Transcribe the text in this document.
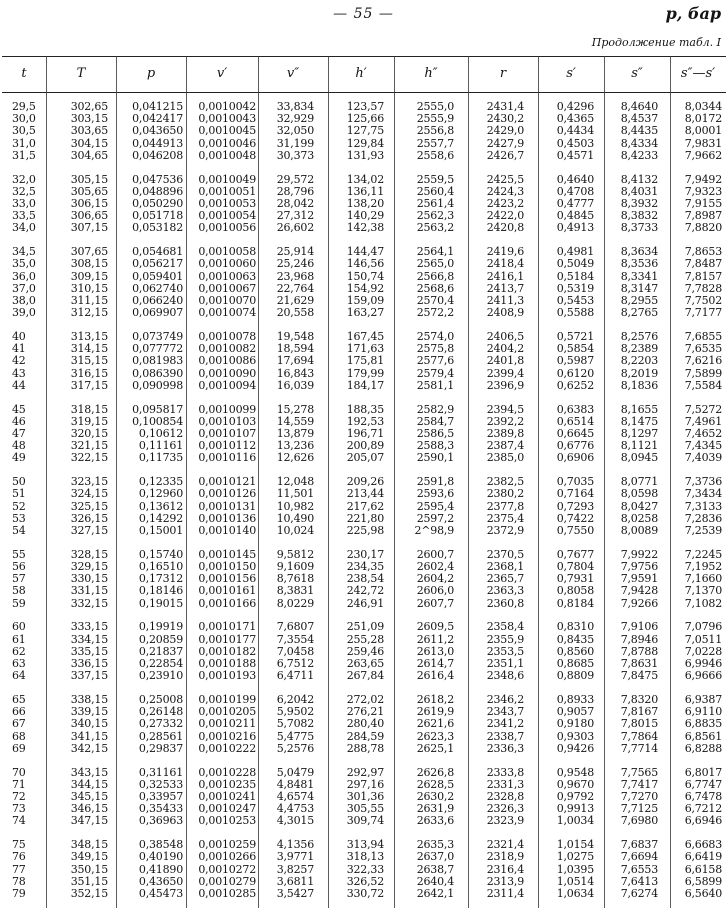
— 55 —	p, бар
Продолжение табл. I
t	T	p	v′	v″	h′	h″	r	s′	s″	s″—s′
29,5	302,65	0,041215	0,0010042	33,834	123,57	2555,0	2431,4	0,4296	8,4640	8,0344
30,0	303,15	0,042417	0,0010043	32,929	125,66	2555,9	2430,2	0,4365	8,4537	8,0172
30,5	303,65	0,043650	0,0010045	32,050	127,75	2556,8	2429,0	0,4434	8,4435	8,0001
31,0	304,15	0,044913	0,0010046	31,199	129,84	2557,7	2427,9	0,4503	8,4334	7,9831
31,5	304,65	0,046208	0,0010048	30,373	131,93	2558,6	2426,7	0,4571	8,4233	7,9662
32,0	305,15	0,047536	0,0010049	29,572	134,02	2559,5	2425,5	0,4640	8,4132	7,9492
32,5	305,65	0,048896	0,0010051	28,796	136,11	2560,4	2424,3	0,4708	8,4031	7,9323
33,0	306,15	0,050290	0,0010053	28,042	138,20	2561,4	2423,2	0,4777	8,3932	7,9155
33,5	306,65	0,051718	0,0010054	27,312	140,29	2562,3	2422,0	0,4845	8,3832	7,8987
34,0	307,15	0,053182	0,0010056	26,602	142,38	2563,2	2420,8	0,4913	8,3733	7,8820
34,5	307,65	0,054681	0,0010058	25,914	144,47	2564,1	2419,6	0,4981	8,3634	7,8653
35,0	308,15	0,056217	0,0010060	25,246	146,56	2565,0	2418,4	0,5049	8,3536	7,8487
36,0	309,15	0,059401	0,0010063	23,968	150,74	2566,8	2416,1	0,5184	8,3341	7,8157
37,0	310,15	0,062740	0,0010067	22,764	154,92	2568,6	2413,7	0,5319	8,3147	7,7828
38,0	311,15	0,066240	0,0010070	21,629	159,09	2570,4	2411,3	0,5453	8,2955	7,7502
39,0	312,15	0,069907	0,0010074	20,558	163,27	2572,2	2408,9	0,5588	8,2765	7,7177
40	313,15	0,073749	0,0010078	19,548	167,45	2574,0	2406,5	0,5721	8,2576	7,6855
41	314,15	0,077772	0,0010082	18,594	171,63	2575,8	2404,2	0,5854	8,2389	7,6535
42	315,15	0,081983	0,0010086	17,694	175,81	2577,6	2401,8	0,5987	8,2203	7,6216
43	316,15	0,086390	0,0010090	16,843	179,99	2579,4	2399,4	0,6120	8,2019	7,5899
44	317,15	0,090998	0,0010094	16,039	184,17	2581,1	2396,9	0,6252	8,1836	7,5584
45	318,15	0,095817	0,0010099	15,278	188,35	2582,9	2394,5	0,6383	8,1655	7,5272
46	319,15	0,100854	0,0010103	14,559	192,53	2584,7	2392,2	0,6514	8,1475	7,4961
47	320,15	0,10612	0,0010107	13,879	196,71	2586,5	2389,8	0,6645	8,1297	7,4652
48	321,15	0,11161	0,0010112	13,236	200,89	2588,3	2387,4	0,6776	8,1121	7,4345
49	322,15	0,11735	0,0010116	12,626	205,07	2590,1	2385,0	0,6906	8,0945	7,4039
50	323,15	0,12335	0,0010121	12,048	209,26	2591,8	2382,5	0,7035	8,0771	7,3736
51	324,15	0,12960	0,0010126	11,501	213,44	2593,6	2380,2	0,7164	8,0598	7,3434
52	325,15	0,13612	0,0010131	10,982	217,62	2595,4	2377,8	0,7293	8,0427	7,3133
53	326,15	0,14292	0,0010136	10,490	221,80	2597,2	2375,4	0,7422	8,0258	7,2836
54	327,15	0,15001	0,0010140	10,024	225,98	2^98,9	2372,9	0,7550	8,0089	7,2539
55	328,15	0,15740	0,0010145	9,5812	230,17	2600,7	2370,5	0,7677	7,9922	7,2245
56	329,15	0,16510	0,0010150	9,1609	234,35	2602,4	2368,1	0,7804	7,9756	7,1952
57	330,15	0,17312	0,0010156	8,7618	238,54	2604,2	2365,7	0,7931	7,9591	7,1660
58	331,15	0,18146	0,0010161	8,3831	242,72	2606,0	2363,3	0,8058	7,9428	7,1370
59	332,15	0,19015	0,0010166	8,0229	246,91	2607,7	2360,8	0,8184	7,9266	7,1082
60	333,15	0,19919	0,0010171	7,6807	251,09	2609,5	2358,4	0,8310	7,9106	7,0796
61	334,15	0,20859	0,0010177	7,3554	255,28	2611,2	2355,9	0,8435	7,8946	7,0511
62	335,15	0,21837	0,0010182	7,0458	259,46	2613,0	2353,5	0,8560	7,8788	7,0228
63	336,15	0,22854	0,0010188	6,7512	263,65	2614,7	2351,1	0,8685	7,8631	6,9946
64	337,15	0,23910	0,0010193	6,4711	267,84	2616,4	2348,6	0,8809	7,8475	6,9666
65	338,15	0,25008	0,0010199	6,2042	272,02	2618,2	2346,2	0,8933	7,8320	6,9387
66	339,15	0,26148	0,0010205	5,9502	276,21	2619,9	2343,7	0,9057	7,8167	6,9110
67	340,15	0,27332	0,0010211	5,7082	280,40	2621,6	2341,2	0,9180	7,8015	6,8835
68	341,15	0,28561	0,0010216	5,4775	284,59	2623,3	2338,7	0,9303	7,7864	6,8561
69	342,15	0,29837	0,0010222	5,2576	288,78	2625,1	2336,3	0,9426	7,7714	6,8288
70	343,15	0,31161	0,0010228	5,0479	292,97	2626,8	2333,8	0,9548	7,7565	6,8017
71	344,15	0,32533	0,0010235	4,8481	297,16	2628,5	2331,3	0,9670	7,7417	6,7747
72	345,15	0,33957	0,0010241	4,6574	301,36	2630,2	2328,8	0,9792	7,7270	6,7478
73	346,15	0,35433	0,0010247	4,4753	305,55	2631,9	2326,3	0,9913	7,7125	6,7212
74	347,15	0,36963	0,0010253	4,3015	309,74	2633,6	2323,9	1,0034	7,6980	6,6946
75	348,15	0,38548	0,0010259	4,1356	313,94	2635,3	2321,4	1,0154	7,6837	6,6683
76	349,15	0,40190	0,0010266	3,9771	318,13	2637,0	2318,9	1,0275	7,6694	6,6419
77	350,15	0,41890	0,0010272	3,8257	322,33	2638,7	2316,4	1,0395	7,6553	6,6158
78	351,15	0,43650	0,0010279	3,6811	326,52	2640,4	2313,9	1,0514	7,6413	6,5899
79	352,15	0,45473	0,0010285	3,5427	330,72	2642,1	2311,4	1,0634	7,6274	6,5640
